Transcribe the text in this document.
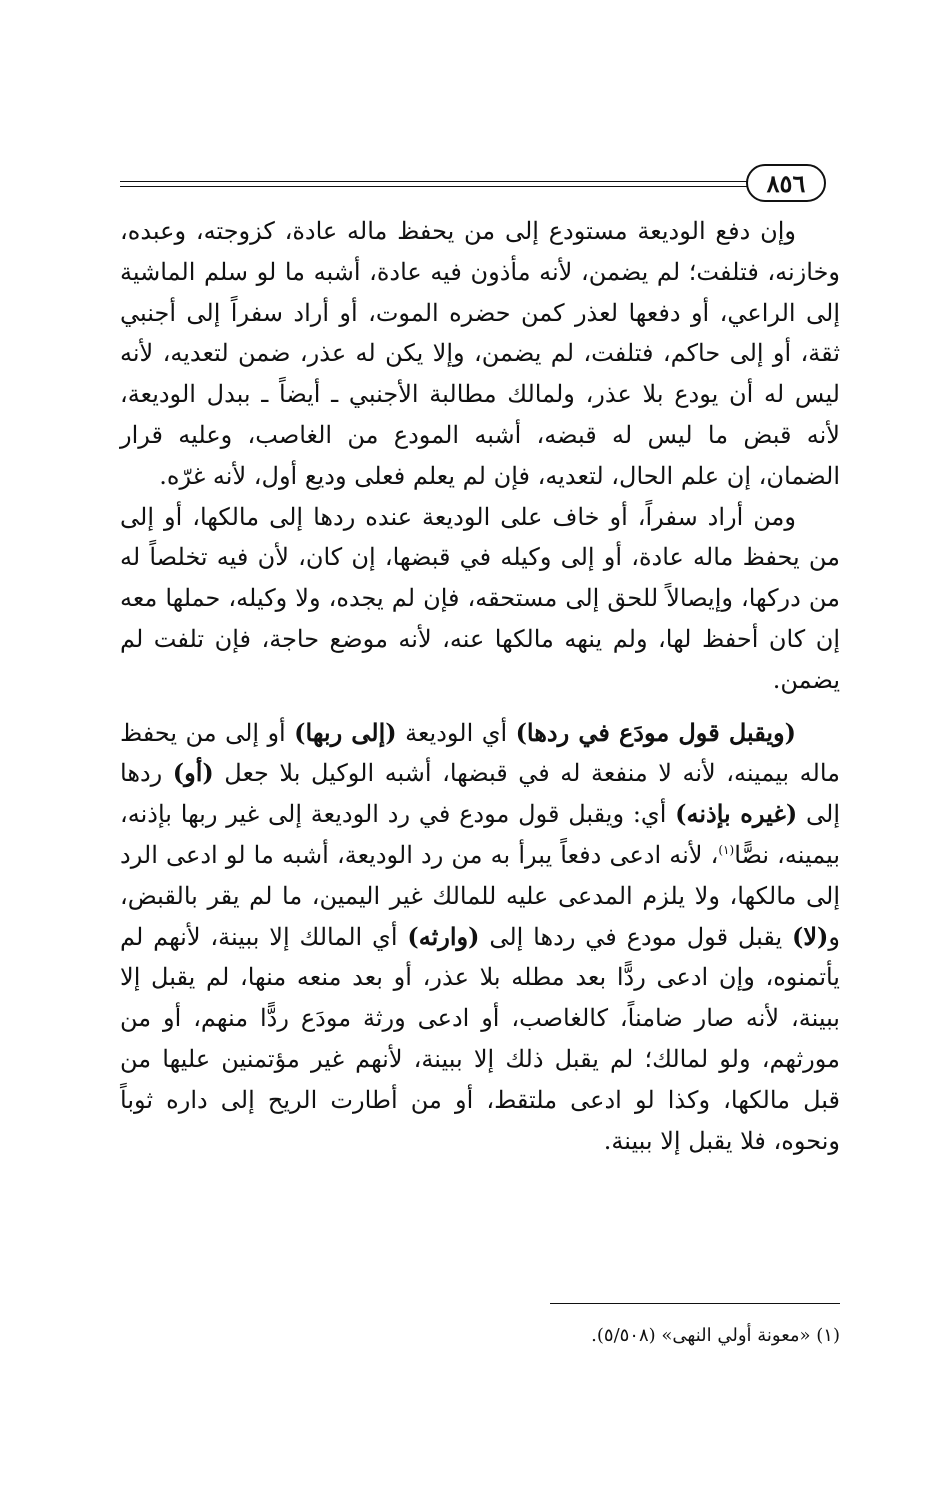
٨٥٦

وإن دفع الوديعة مستودع إلى من يحفظ ماله عادة، كزوجته، وعبده، وخازنه، فتلفت؛ لم يضمن، لأنه مأذون فيه عادة، أشبه ما لو سلم الماشية إلى الراعي، أو دفعها لعذر كمن حضره الموت، أو أراد سفراً إلى أجنبي ثقة، أو إلى حاكم، فتلفت، لم يضمن، وإلا يكن له عذر، ضمن لتعديه، لأنه ليس له أن يودع بلا عذر، ولمالك مطالبة الأجنبي ـ أيضاً ـ ببدل الوديعة، لأنه قبض ما ليس له قبضه، أشبه المودع من الغاصب، وعليه قرار الضمان، إن علم الحال، لتعديه، فإن لم يعلم فعلى وديع أول، لأنه غرّه.

ومن أراد سفراً، أو خاف على الوديعة عنده ردها إلى مالكها، أو إلى من يحفظ ماله عادة، أو إلى وكيله في قبضها، إن كان، لأن فيه تخلصاً له من دركها، وإيصالاً للحق إلى مستحقه، فإن لم يجده، ولا وكيله، حملها معه إن كان أحفظ لها، ولم ينهه مالكها عنه، لأنه موضع حاجة، فإن تلفت لم يضمن.

(ويقبل قول مودَع في ردها) أي الوديعة (إلى ربها) أو إلى من يحفظ ماله بيمينه، لأنه لا منفعة له في قبضها، أشبه الوكيل بلا جعل (أو) ردها إلى (غيره بإذنه) أي: ويقبل قول مودع في رد الوديعة إلى غير ربها بإذنه، بيمينه، نصًّا$^{(١)}$، لأنه ادعى دفعاً يبرأ به من رد الوديعة، أشبه ما لو ادعى الرد إلى مالكها، ولا يلزم المدعى عليه للمالك غير اليمين، ما لم يقر بالقبض، و(لا) يقبل قول مودع في ردها إلى (وارثه) أي المالك إلا ببينة، لأنهم لم يأتمنوه، وإن ادعى ردًّا بعد مطله بلا عذر، أو بعد منعه منها، لم يقبل إلا ببينة، لأنه صار ضامناً، كالغاصب، أو ادعى ورثة مودَع ردًّا منهم، أو من مورثهم، ولو لمالك؛ لم يقبل ذلك إلا ببينة، لأنهم غير مؤتمنين عليها من قبل مالكها، وكذا لو ادعى ملتقط، أو من أطارت الريح إلى داره ثوباً ونحوه، فلا يقبل إلا ببينة.

(١) «معونة أولي النهى» (٥/٥٠٨).
